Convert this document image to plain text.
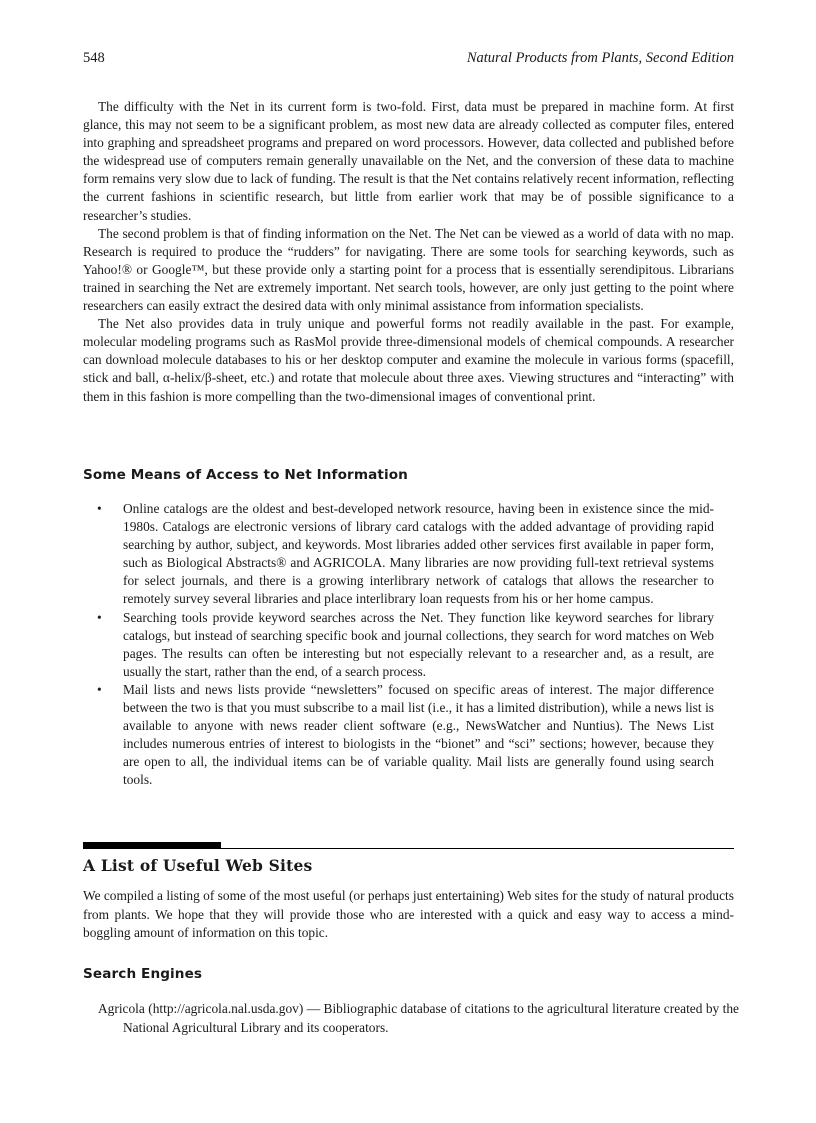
548	Natural Products from Plants, Second Edition

The difficulty with the Net in its current form is two-fold. First, data must be prepared in machine form. At first glance, this may not seem to be a significant problem, as most new data are already collected as computer files, entered into graphing and spreadsheet programs and prepared on word processors. However, data collected and published before the widespread use of computers remain generally unavailable on the Net, and the conversion of these data to machine form remains very slow due to lack of funding. The result is that the Net contains relatively recent information, reflecting the current fashions in scientific research, but little from earlier work that may be of possible significance to a researcher’s studies.

The second problem is that of finding information on the Net. The Net can be viewed as a world of data with no map. Research is required to produce the “rudders” for navigating. There are some tools for searching keywords, such as Yahoo!® or Google™, but these provide only a starting point for a process that is essentially serendipitous. Librarians trained in searching the Net are extremely important. Net search tools, however, are only just getting to the point where researchers can easily extract the desired data with only minimal assistance from information specialists.

The Net also provides data in truly unique and powerful forms not readily available in the past. For example, molecular modeling programs such as RasMol provide three-dimensional models of chemical compounds. A researcher can download molecule databases to his or her desktop computer and examine the molecule in various forms (spacefill, stick and ball, α-helix/β-sheet, etc.) and rotate that molecule about three axes. Viewing structures and “interacting” with them in this fashion is more compelling than the two-dimensional images of conventional print.

Some Means of Access to Net Information
• Online catalogs are the oldest and best-developed network resource, having been in existence since the mid-1980s. Catalogs are electronic versions of library card catalogs with the added advantage of providing rapid searching by author, subject, and keywords. Most libraries added other services first available in paper form, such as Biological Abstracts® and AGRICOLA. Many libraries are now providing full-text retrieval systems for select journals, and there is a growing interlibrary network of catalogs that allows the researcher to remotely survey several libraries and place interlibrary loan requests from his or her home campus.
• Searching tools provide keyword searches across the Net. They function like keyword searches for library catalogs, but instead of searching specific book and journal collections, they search for word matches on Web pages. The results can often be interesting but not especially relevant to a researcher and, as a result, are usually the start, rather than the end, of a search process.
• Mail lists and news lists provide “newsletters” focused on specific areas of interest. The major difference between the two is that you must subscribe to a mail list (i.e., it has a limited distribution), while a news list is available to anyone with news reader client software (e.g., NewsWatcher and Nuntius). The News List includes numerous entries of interest to biologists in the “bionet” and “sci” sections; however, because they are open to all, the individual items can be of variable quality. Mail lists are generally found using search tools.
A List of Useful Web Sites

We compiled a listing of some of the most useful (or perhaps just entertaining) Web sites for the study of natural products from plants. We hope that they will provide those who are interested with a quick and easy way to access a mind-boggling amount of information on this topic.

Search Engines

Agricola (http://agricola.nal.usda.gov) — Bibliographic database of citations to the agricultural literature created by the National Agricultural Library and its cooperators.
